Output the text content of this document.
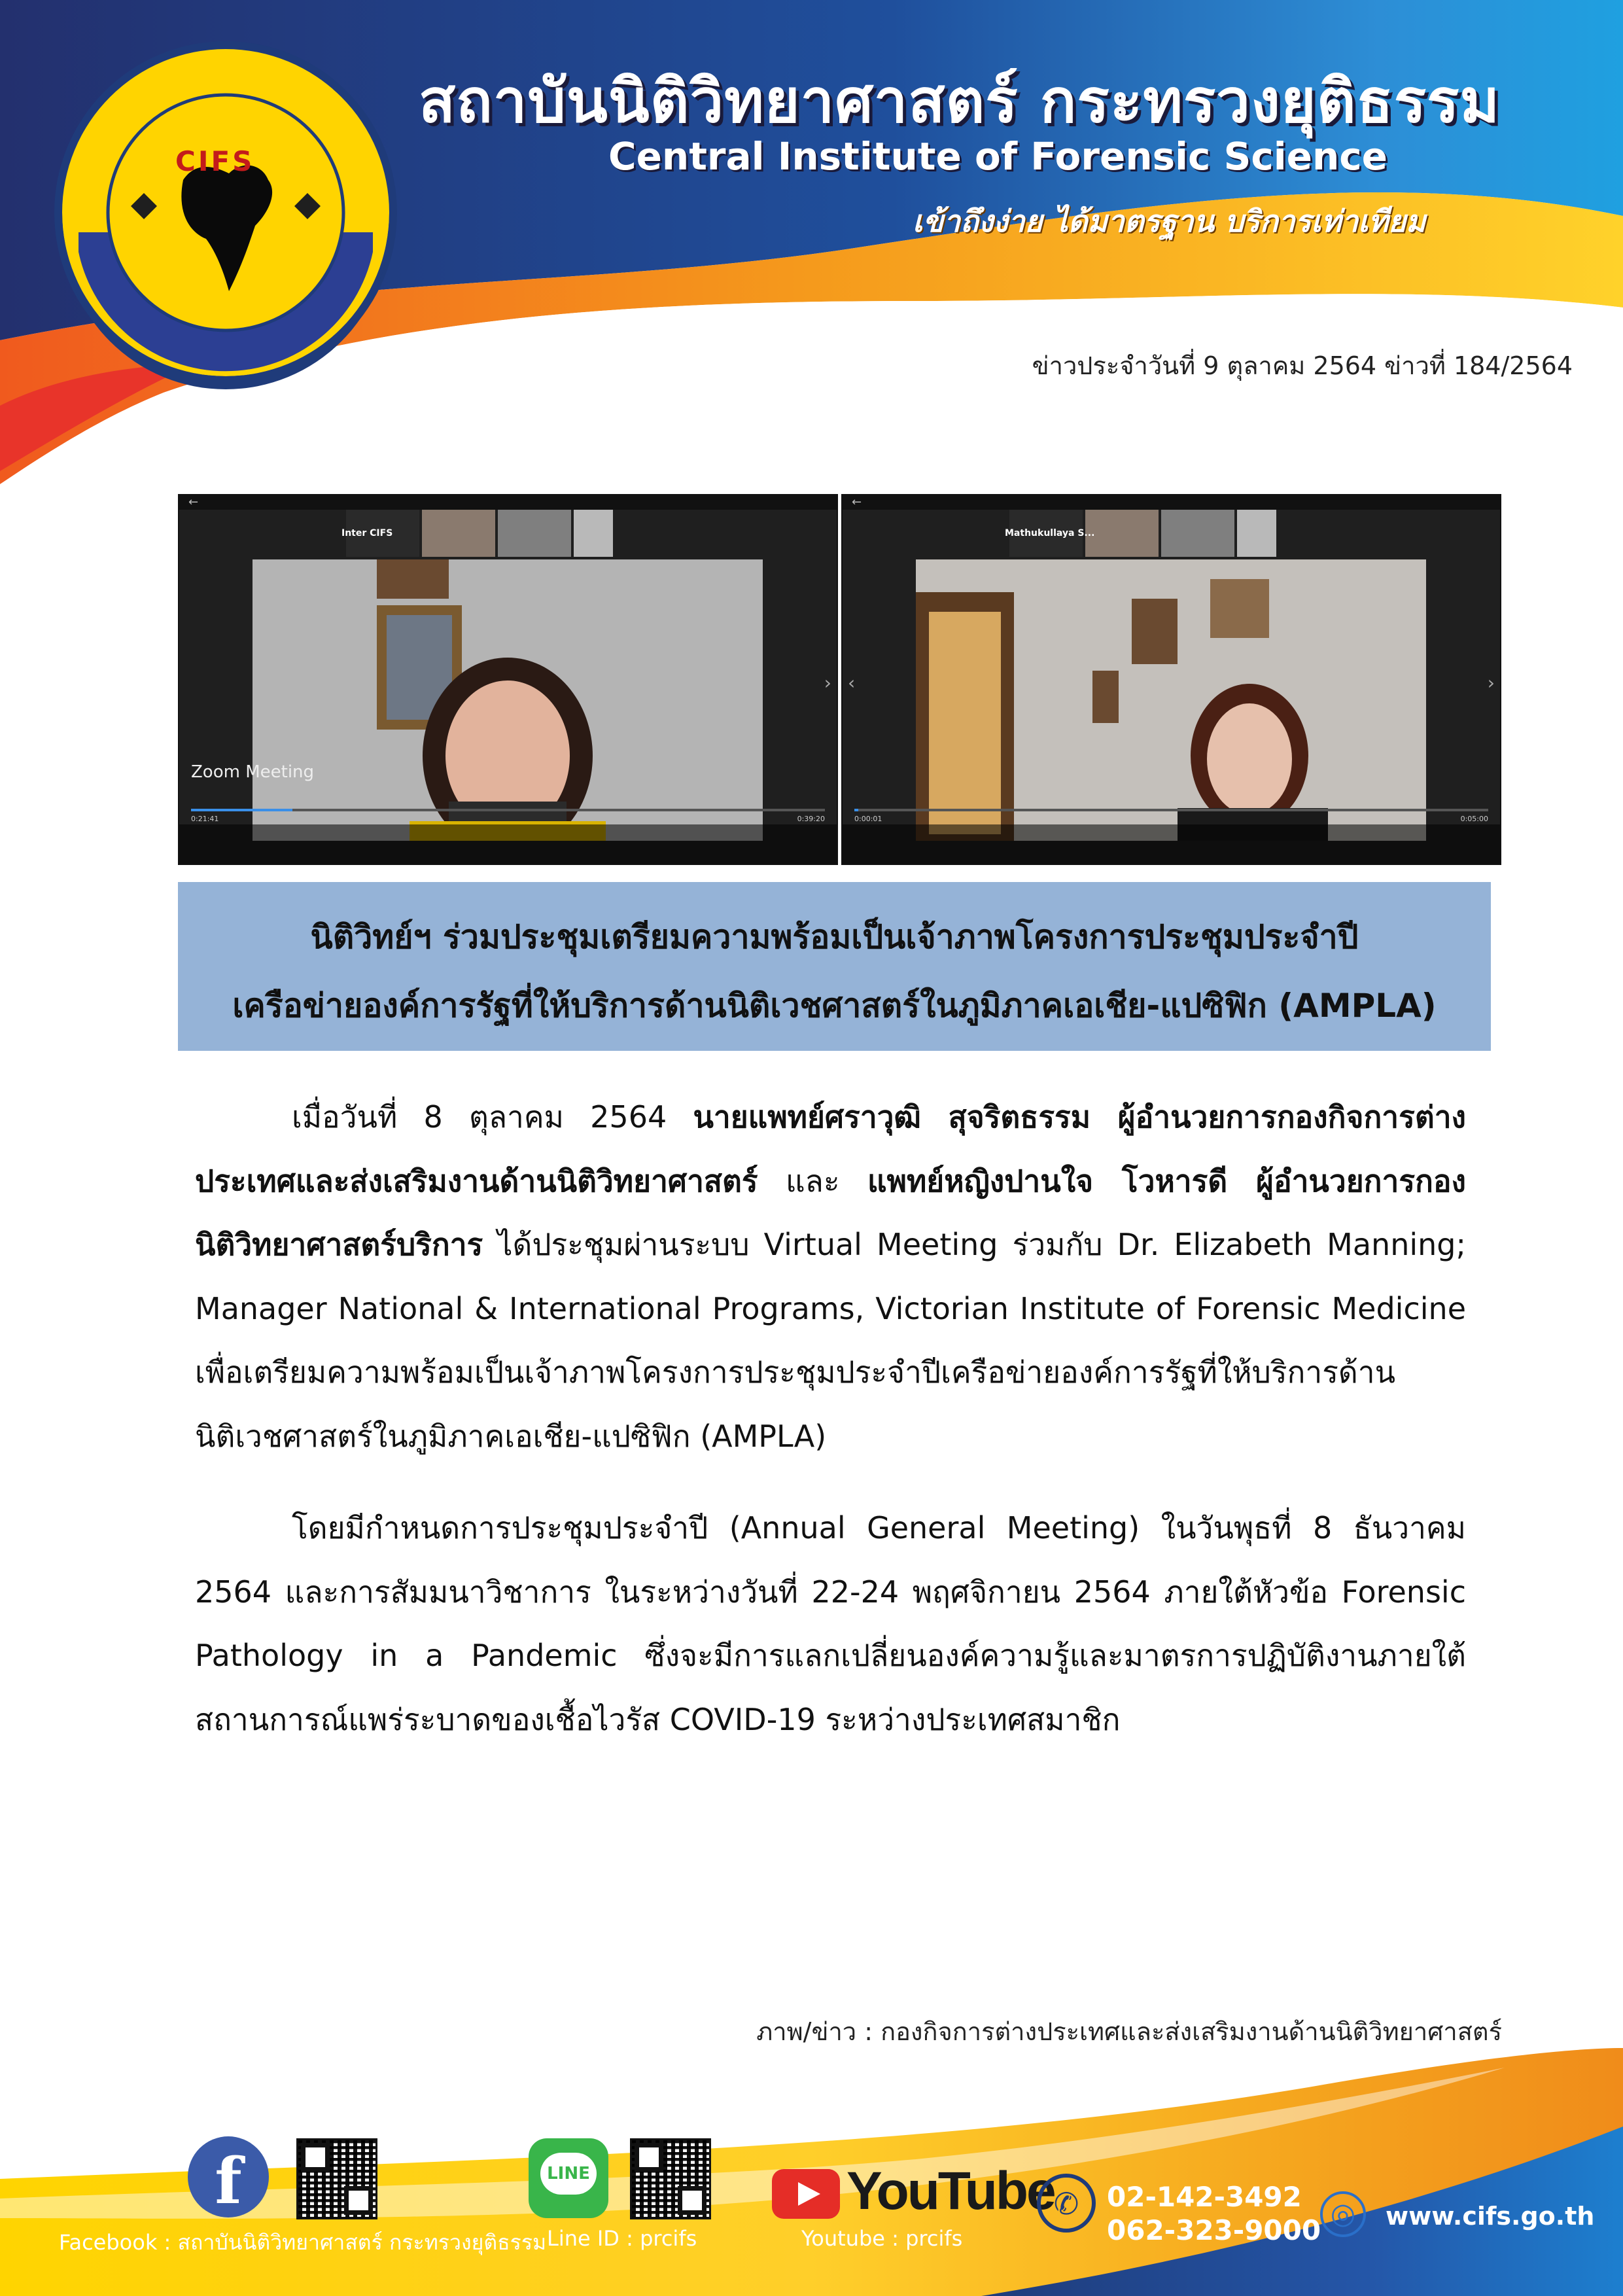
CIFS
สถาบันนิติวิทยาศาสตร์ กระทรวงยุติธรรม
Central Institute of Forensic Science
เข้าถึงง่าย ได้มาตรฐาน บริการเท่าเทียม
ข่าวประจำวันที่ 9 ตุลาคม 2564 ข่าวที่ 184/2564
←
Inter CIFS
Zoom Meeting
›
0:21:41	0:39:20
←
Mathukullaya S...
‹	›
0:00:01	0:05:00
นิติวิทย์ฯ ร่วมประชุมเตรียมความพร้อมเป็นเจ้าภาพโครงการประชุมประจำปี
เครือข่ายองค์การรัฐที่ให้บริการด้านนิติเวชศาสตร์ในภูมิภาคเอเชีย-แปซิฟิก (AMPLA)
เมื่อวันที่ 8 ตุลาคม 2564 นายแพทย์ศราวุฒิ สุจริตธรรม ผู้อำนวยการกองกิจการต่างประเทศและส่งเสริมงานด้านนิติวิทยาศาสตร์ และ แพทย์หญิงปานใจ โวหารดี ผู้อำนวยการกองนิติวิทยาศาสตร์บริการ ได้ประชุมผ่านระบบ Virtual Meeting ร่วมกับ Dr. Elizabeth Manning; Manager National & International Programs, Victorian Institute of Forensic Medicine เพื่อเตรียมความพร้อมเป็นเจ้าภาพโครงการประชุมประจำปีเครือข่ายองค์การรัฐที่ให้บริการด้านนิติเวชศาสตร์ในภูมิภาคเอเชีย-แปซิฟิก (AMPLA)
โดยมีกำหนดการประชุมประจำปี (Annual General Meeting) ในวันพุธที่ 8 ธันวาคม 2564 และการสัมมนาวิชาการ ในระหว่างวันที่ 22-24 พฤศจิกายน 2564 ภายใต้หัวข้อ Forensic Pathology in a Pandemic ซึ่งจะมีการแลกเปลี่ยนองค์ความรู้และมาตรการปฏิบัติงานภายใต้สถานการณ์แพร่ระบาดของเชื้อไวรัส COVID-19 ระหว่างประเทศสมาชิก
ภาพ/ข่าว : กองกิจการต่างประเทศและส่งเสริมงานด้านนิติวิทยาศาสตร์
f
Facebook : สถาบันนิติวิทยาศาสตร์ กระทรวงยุติธรรม
LINE
Line ID : prcifs
YouTube
Youtube : prcifs
✆	02-142-3492
062-323-9000 ◎	www.cifs.go.th
